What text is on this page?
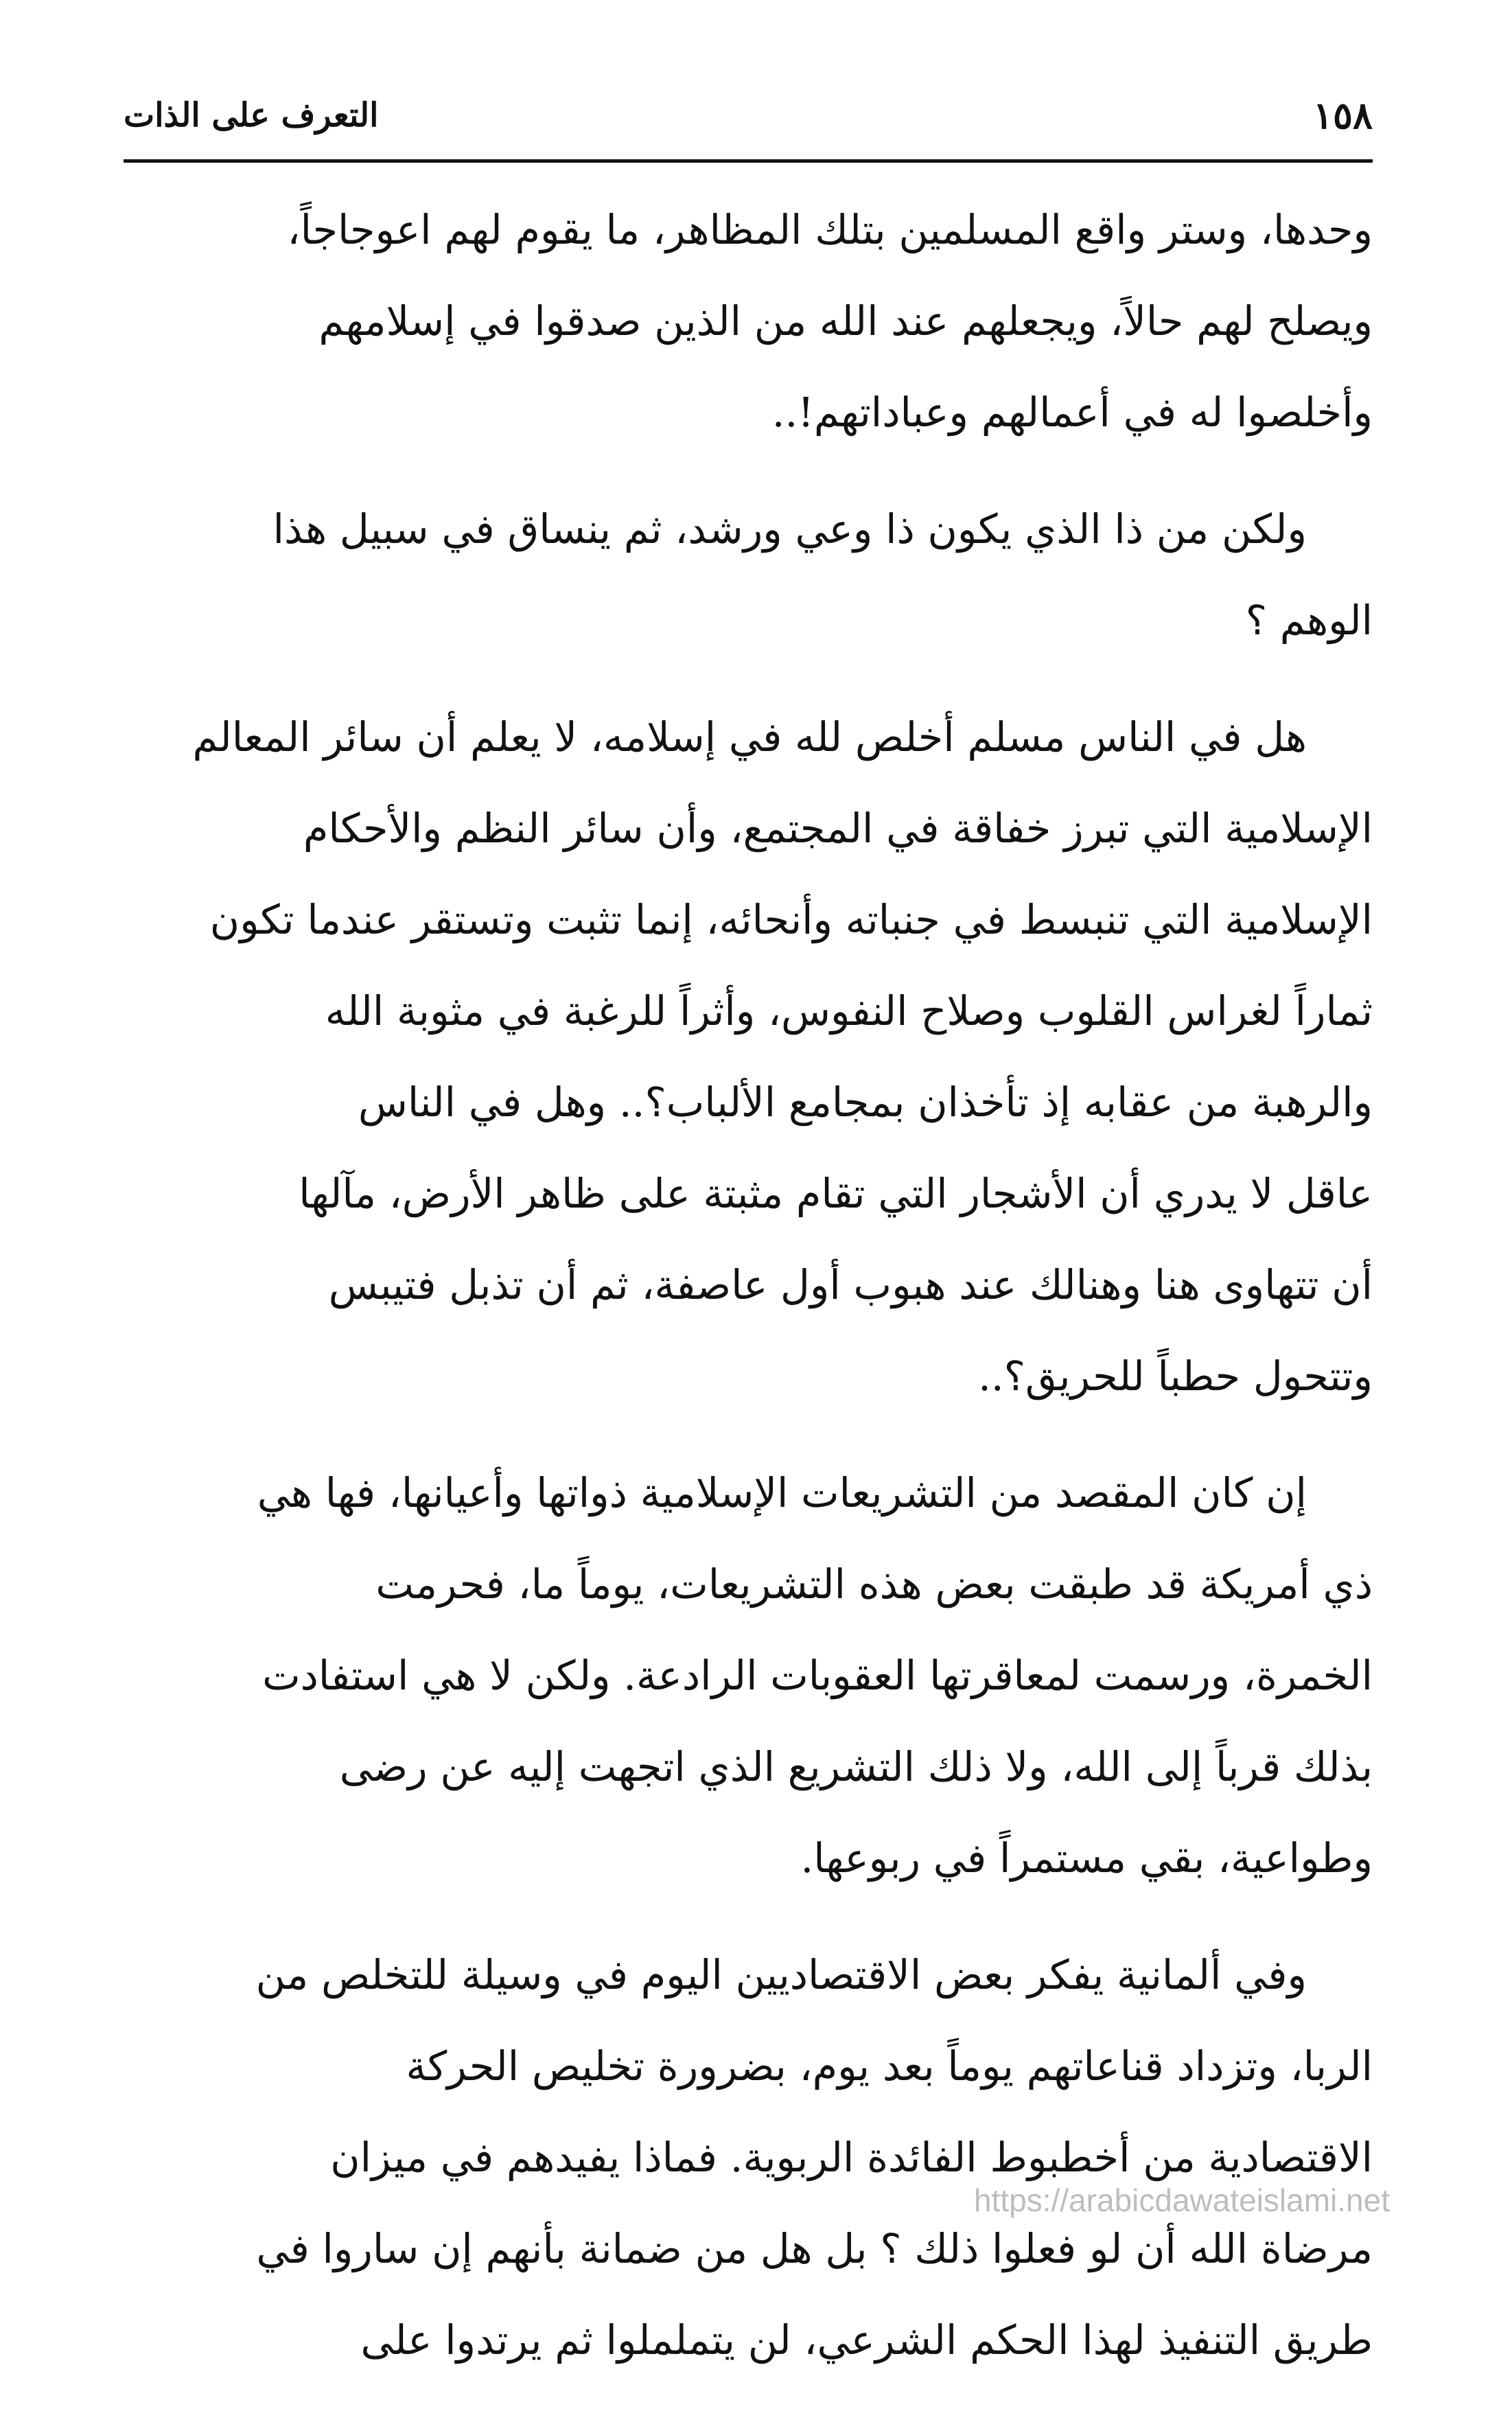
١٥٨
التعرف على الذات
وحدها، وستر واقع المسلمين بتلك المظاهر، ما يقوم لهم اعوجاجاً،
ويصلح لهم حالاً، ويجعلهم عند الله من الذين صدقوا في إسلامهم
وأخلصوا له في أعمالهم وعباداتهم!..
ولكن من ذا الذي يكون ذا وعي ورشد، ثم ينساق في سبيل هذا
الوهم ؟
هل في الناس مسلم أخلص لله في إسلامه، لا يعلم أن سائر المعالم
الإسلامية التي تبرز خفاقة في المجتمع، وأن سائر النظم والأحكام
الإسلامية التي تنبسط في جنباته وأنحائه، إنما تثبت وتستقر عندما تكون
ثماراً لغراس القلوب وصلاح النفوس، وأثراً للرغبة في مثوبة الله
والرهبة من عقابه إذ تأخذان بمجامع الألباب؟.. وهل في الناس
عاقل لا يدري أن الأشجار التي تقام مثبتة على ظاهر الأرض، مآلها
أن تتهاوى هنا وهنالك عند هبوب أول عاصفة، ثم أن تذبل فتيبس
وتتحول حطباً للحريق؟..
إن كان المقصد من التشريعات الإسلامية ذواتها وأعيانها، فها هي
ذي أمريكة قد طبقت بعض هذه التشريعات، يوماً ما، فحرمت
الخمرة، ورسمت لمعاقرتها العقوبات الرادعة. ولكن لا هي استفادت
بذلك قرباً إلى الله، ولا ذلك التشريع الذي اتجهت إليه عن رضى
وطواعية، بقي مستمراً في ربوعها.
وفي ألمانية يفكر بعض الاقتصاديين اليوم في وسيلة للتخلص من
الربا، وتزداد قناعاتهم يوماً بعد يوم، بضرورة تخليص الحركة
الاقتصادية من أخطبوط الفائدة الربوية. فماذا يفيدهم في ميزان
مرضاة الله أن لو فعلوا ذلك ؟ بل هل من ضمانة بأنهم إن ساروا في
طريق التنفيذ لهذا الحكم الشرعي، لن يتململوا ثم يرتدوا على
https://arabicdawateislami.net
